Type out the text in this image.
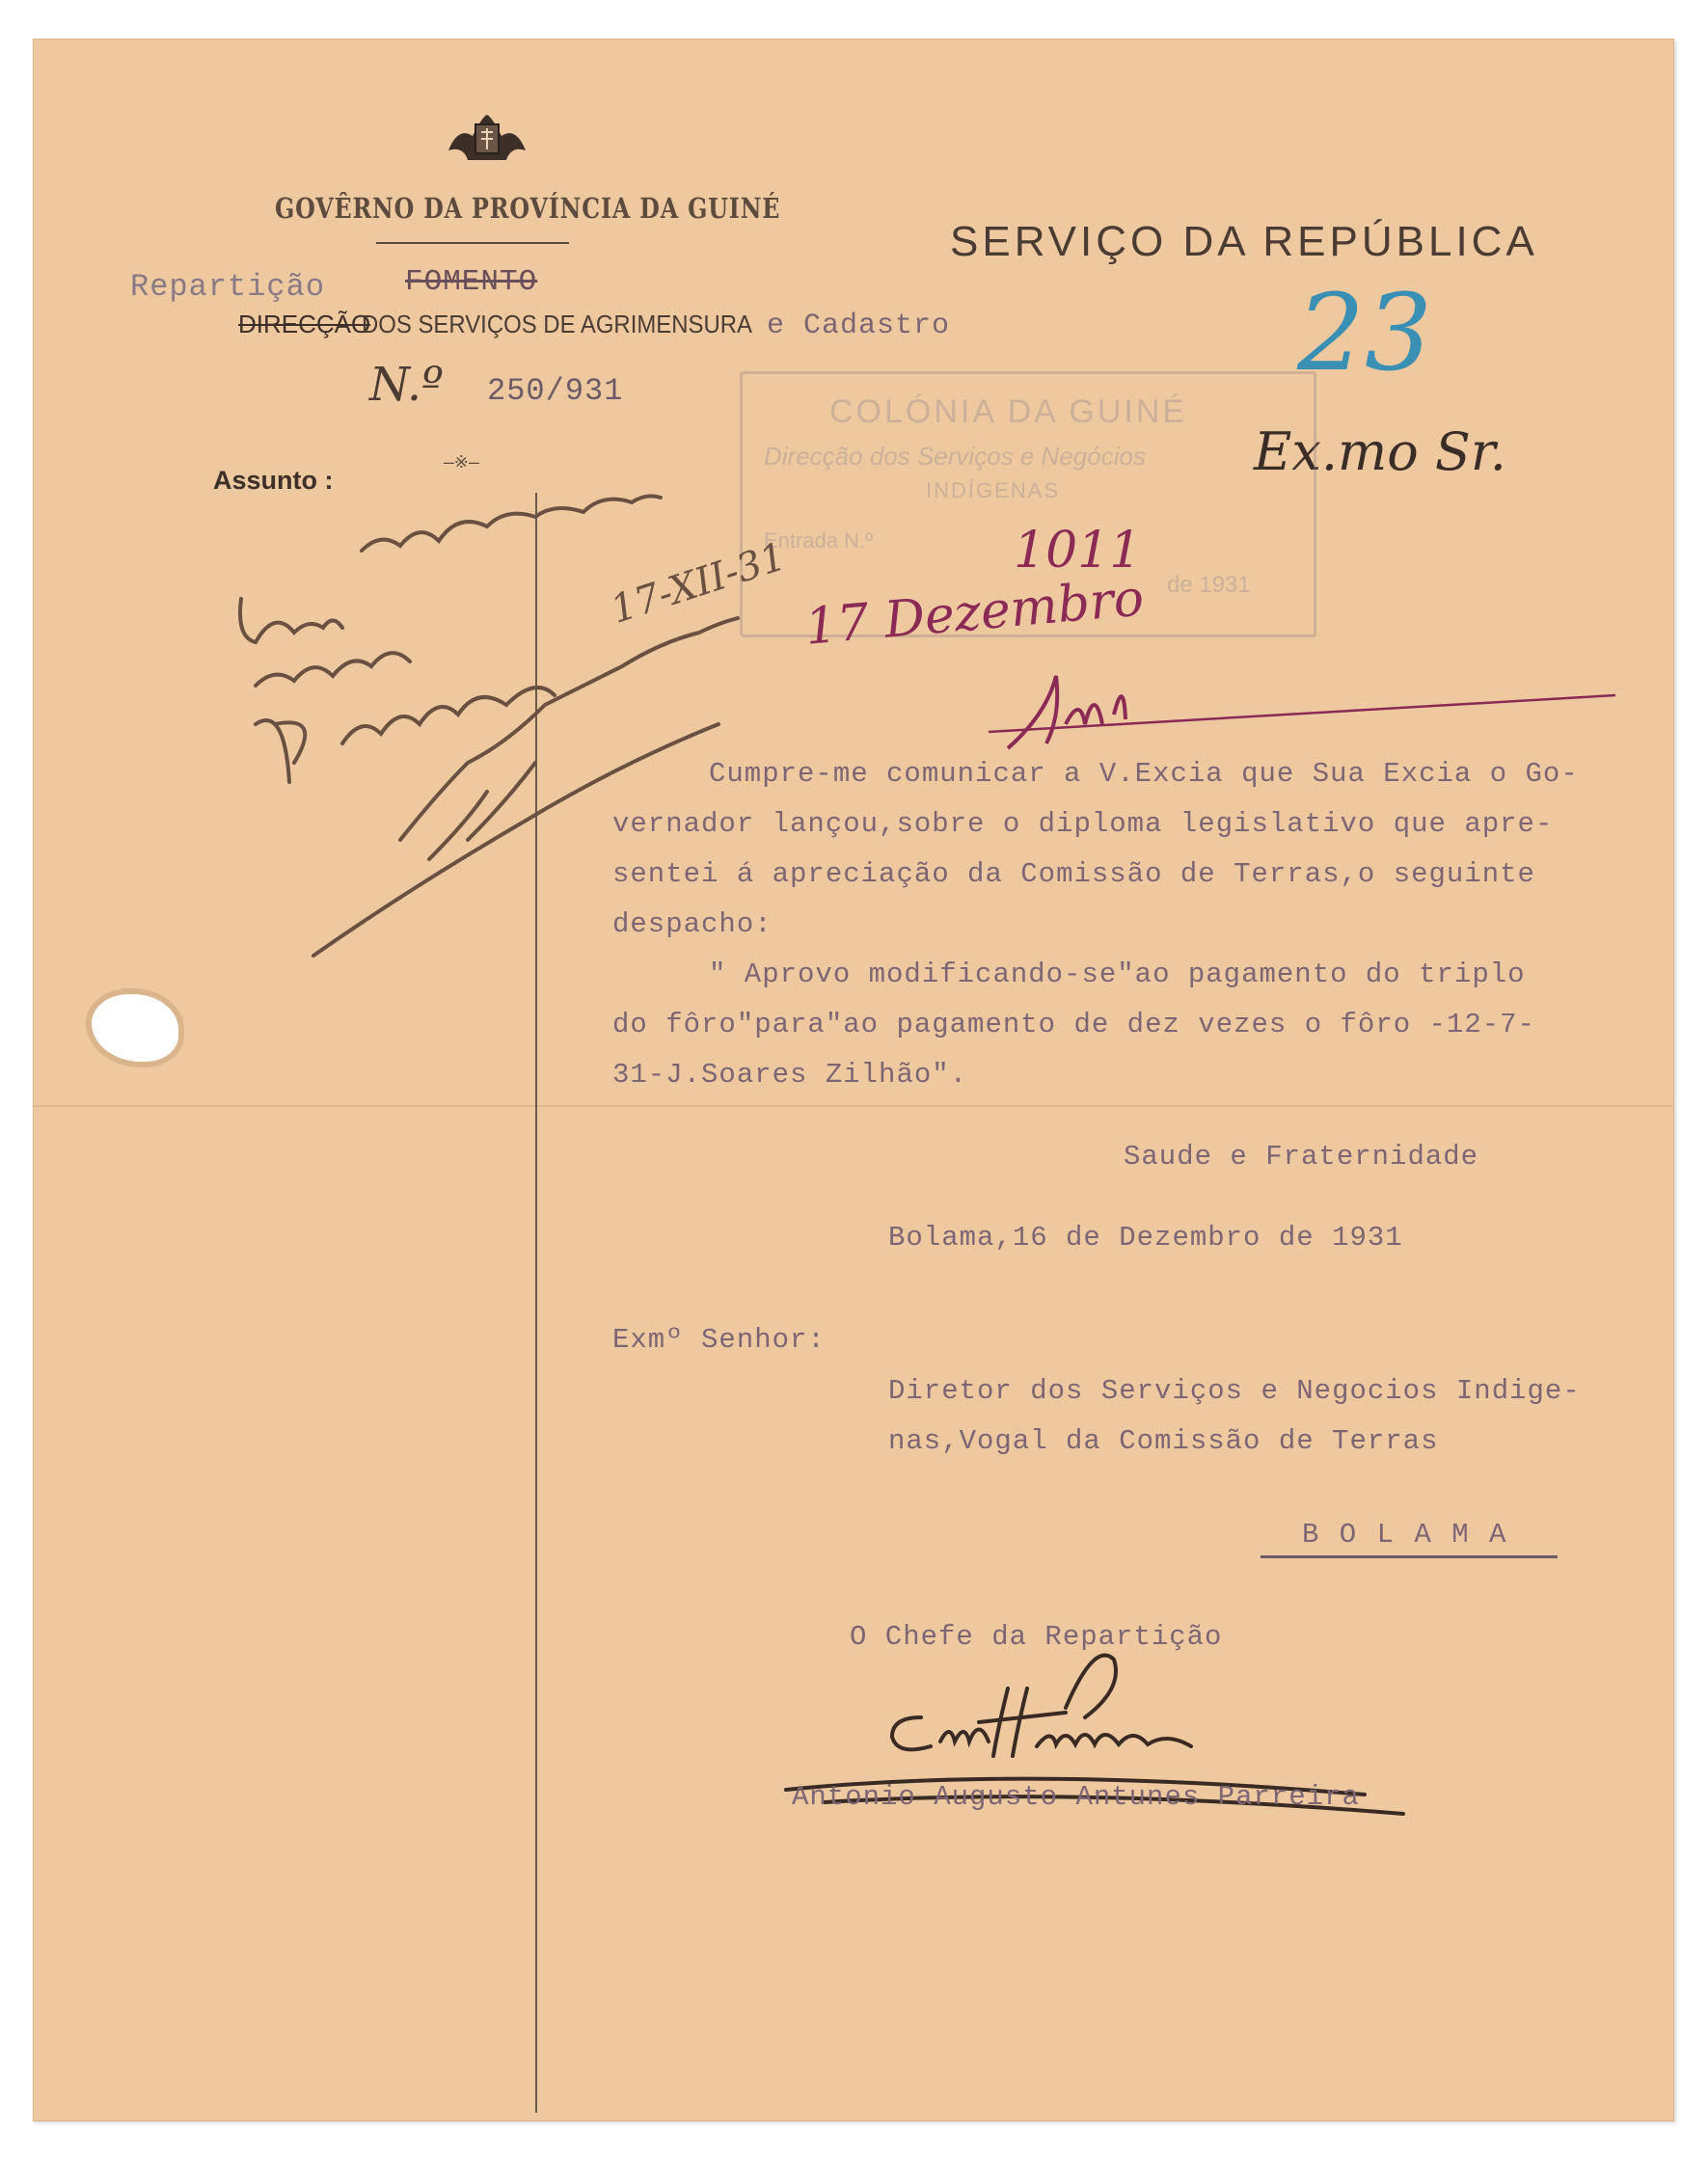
GOVÊRNO DA PROVÍNCIA DA GUINÉ
SERVIÇO DA REPÚBLICA
Repartição	FOMENTO
DIRECÇÃO
DOS SERVIÇOS DE AGRIMENSURA e Cadastro
N.º 250/931
Assunto :
—※—	Ex.mo Sr.
23
COLÓNIA DA GUINÉ
Direcção dos Serviços e Negócios
INDÍGENAS
Entrada N.º
de 1931
1011
17 Dezembro
17-XII-31
Cumpre-me comunicar a V.Excia que Sua Excia o Go-
vernador lançou,sobre o diploma legislativo que apre-
sentei á apreciação da Comissão de Terras,o seguinte
despacho:
" Aprovo modificando-se"ao pagamento do triplo
do fôro"para"ao pagamento de dez vezes o fôro -12-7-
31-J.Soares Zilhão".
Saude e Fraternidade
Bolama,16 de Dezembro de 1931
Exmº Senhor:
Diretor dos Serviços e Negocios Indige-
nas,Vogal da Comissão de Terras
B O L A M A
O Chefe da Repartição
Antonio Augusto Antunes Parreira
